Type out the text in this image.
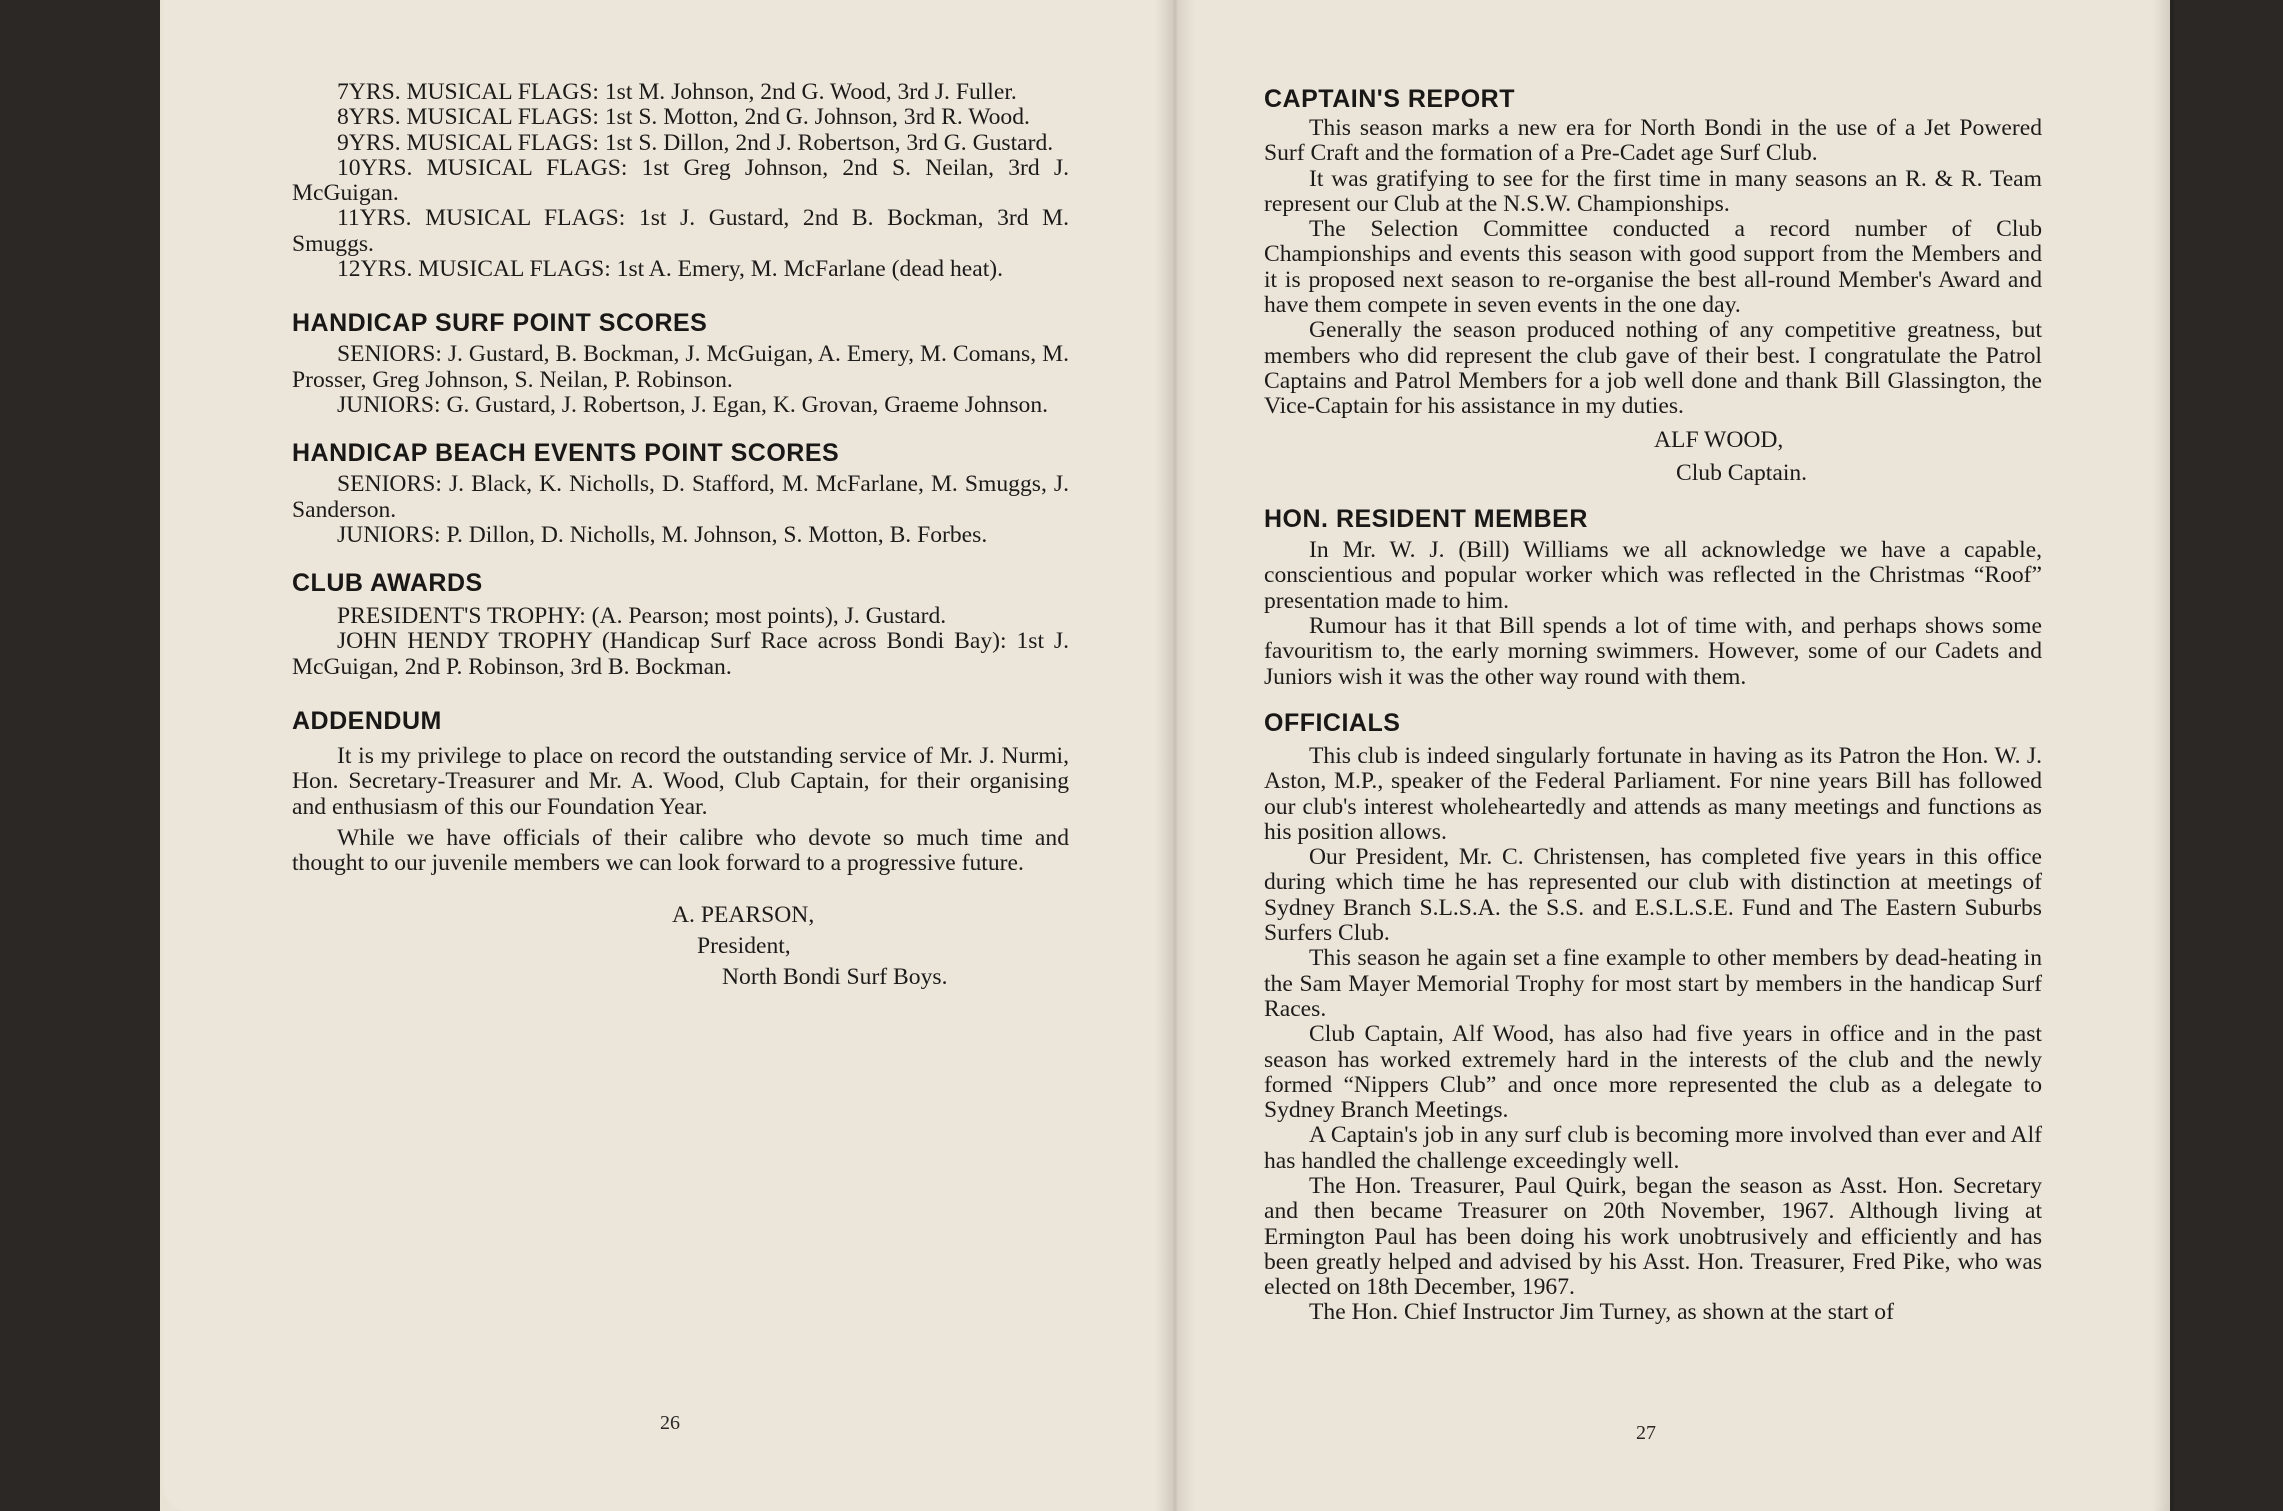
7YRS. MUSICAL FLAGS: 1st M. Johnson, 2nd G. Wood, 3rd J. Fuller.

8YRS. MUSICAL FLAGS: 1st S. Motton, 2nd G. Johnson, 3rd R. Wood.

9YRS. MUSICAL FLAGS: 1st S. Dillon, 2nd J. Robertson, 3rd G. Gustard.

10YRS. MUSICAL FLAGS: 1st Greg Johnson, 2nd S. Neilan, 3rd J. McGuigan.

11YRS. MUSICAL FLAGS: 1st J. Gustard, 2nd B. Bockman, 3rd M. Smuggs.

12YRS. MUSICAL FLAGS: 1st A. Emery, M. McFarlane (dead heat).

HANDICAP SURF POINT SCORES

SENIORS: J. Gustard, B. Bockman, J. McGuigan, A. Emery, M. Comans, M. Prosser, Greg Johnson, S. Neilan, P. Robinson.

JUNIORS: G. Gustard, J. Robertson, J. Egan, K. Grovan, Graeme Johnson.

HANDICAP BEACH EVENTS POINT SCORES

SENIORS: J. Black, K. Nicholls, D. Stafford, M. McFarlane, M. Smuggs, J. Sanderson.

JUNIORS: P. Dillon, D. Nicholls, M. Johnson, S. Motton, B. Forbes.

CLUB AWARDS

PRESIDENT'S TROPHY: (A. Pearson; most points), J. Gustard.

JOHN HENDY TROPHY (Handicap Surf Race across Bondi Bay): 1st J. McGuigan, 2nd P. Robinson, 3rd B. Bockman.

ADDENDUM

It is my privilege to place on record the outstanding service of Mr. J. Nurmi, Hon. Secretary-Treasurer and Mr. A. Wood, Club Captain, for their organising and enthusiasm of this our Foundation Year.

While we have officials of their calibre who devote so much time and thought to our juvenile members we can look forward to a progressive future.

A. PEARSON,

President,

North Bondi Surf Boys.

26
CAPTAIN'S REPORT

This season marks a new era for North Bondi in the use of a Jet Powered Surf Craft and the formation of a Pre-Cadet age Surf Club.

It was gratifying to see for the first time in many seasons an R. & R. Team represent our Club at the N.S.W. Championships.

The Selection Committee conducted a record number of Club Championships and events this season with good support from the Members and it is proposed next season to re-organise the best all-round Member's Award and have them compete in seven events in the one day.

Generally the season produced nothing of any competitive greatness, but members who did represent the club gave of their best. I congratulate the Patrol Captains and Patrol Members for a job well done and thank Bill Glassington, the Vice-Captain for his assistance in my duties.

ALF WOOD,

Club Captain.

HON. RESIDENT MEMBER

In Mr. W. J. (Bill) Williams we all acknowledge we have a capable, conscientious and popular worker which was reflected in the Christmas “Roof” presentation made to him.

Rumour has it that Bill spends a lot of time with, and perhaps shows some favouritism to, the early morning swimmers. However, some of our Cadets and Juniors wish it was the other way round with them.

OFFICIALS

This club is indeed singularly fortunate in having as its Patron the Hon. W. J. Aston, M.P., speaker of the Federal Parliament. For nine years Bill has followed our club's interest wholeheartedly and attends as many meetings and functions as his position allows.

Our President, Mr. C. Christensen, has completed five years in this office during which time he has represented our club with distinction at meetings of Sydney Branch S.L.S.A. the S.S. and E.S.L.S.E. Fund and The Eastern Suburbs Surfers Club.

This season he again set a fine example to other members by dead-heating in the Sam Mayer Memorial Trophy for most start by members in the handicap Surf Races.

Club Captain, Alf Wood, has also had five years in office and in the past season has worked extremely hard in the interests of the club and the newly formed “Nippers Club” and once more represented the club as a delegate to Sydney Branch Meetings.

A Captain's job in any surf club is becoming more involved than ever and Alf has handled the challenge exceedingly well.

The Hon. Treasurer, Paul Quirk, began the season as Asst. Hon. Secretary and then became Treasurer on 20th November, 1967. Although living at Ermington Paul has been doing his work unobtrusively and efficiently and has been greatly helped and advised by his Asst. Hon. Treasurer, Fred Pike, who was elected on 18th December, 1967.

The Hon. Chief Instructor Jim Turney, as shown at the start of

27
